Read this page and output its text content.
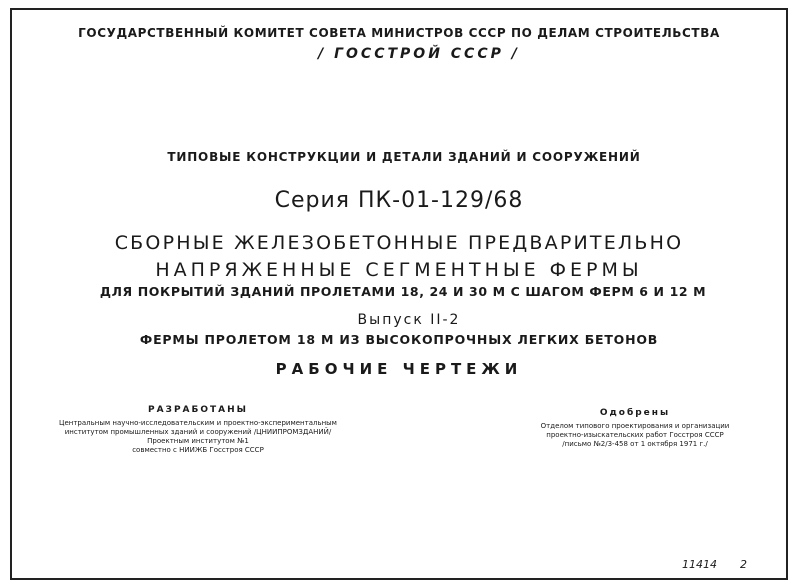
ГОСУДАРСТВЕННЫЙ КОМИТЕТ СОВЕТА МИНИСТРОВ СССР ПО ДЕЛАМ СТРОИТЕЛЬСТВА
/ ГОССТРОЙ СССР /
ТИПОВЫЕ КОНСТРУКЦИИ И ДЕТАЛИ ЗДАНИЙ И СООРУЖЕНИЙ
Серия ПК-01-129/68
СБОРНЫЕ ЖЕЛЕЗОБЕТОННЫЕ ПРЕДВАРИТЕЛЬНО
НАПРЯЖЕННЫЕ СЕГМЕНТНЫЕ ФЕРМЫ
ДЛЯ ПОКРЫТИЙ ЗДАНИЙ ПРОЛЕТАМИ 18, 24 И 30 М С ШАГОМ ФЕРМ 6 И 12 М
Выпуск II-2
ФЕРМЫ ПРОЛЕТОМ 18 М ИЗ ВЫСОКОПРОЧНЫХ ЛЕГКИХ БЕТОНОВ
РАБОЧИЕ ЧЕРТЕЖИ
РАЗРАБОТАНЫ
Центральным научно-исследовательским и проектно-экспериментальным
институтом промышленных зданий и сооружений /ЦНИИПРОМЗДАНИЙ/
Проектным институтом №1
совместно с НИИЖБ Госстроя СССР
Одобрены
Отделом типового проектирования и организации
проектно-изыскательских работ Госстроя СССР
/письмо №2/3-458 от 1 октября 1971 г./
11414 2
